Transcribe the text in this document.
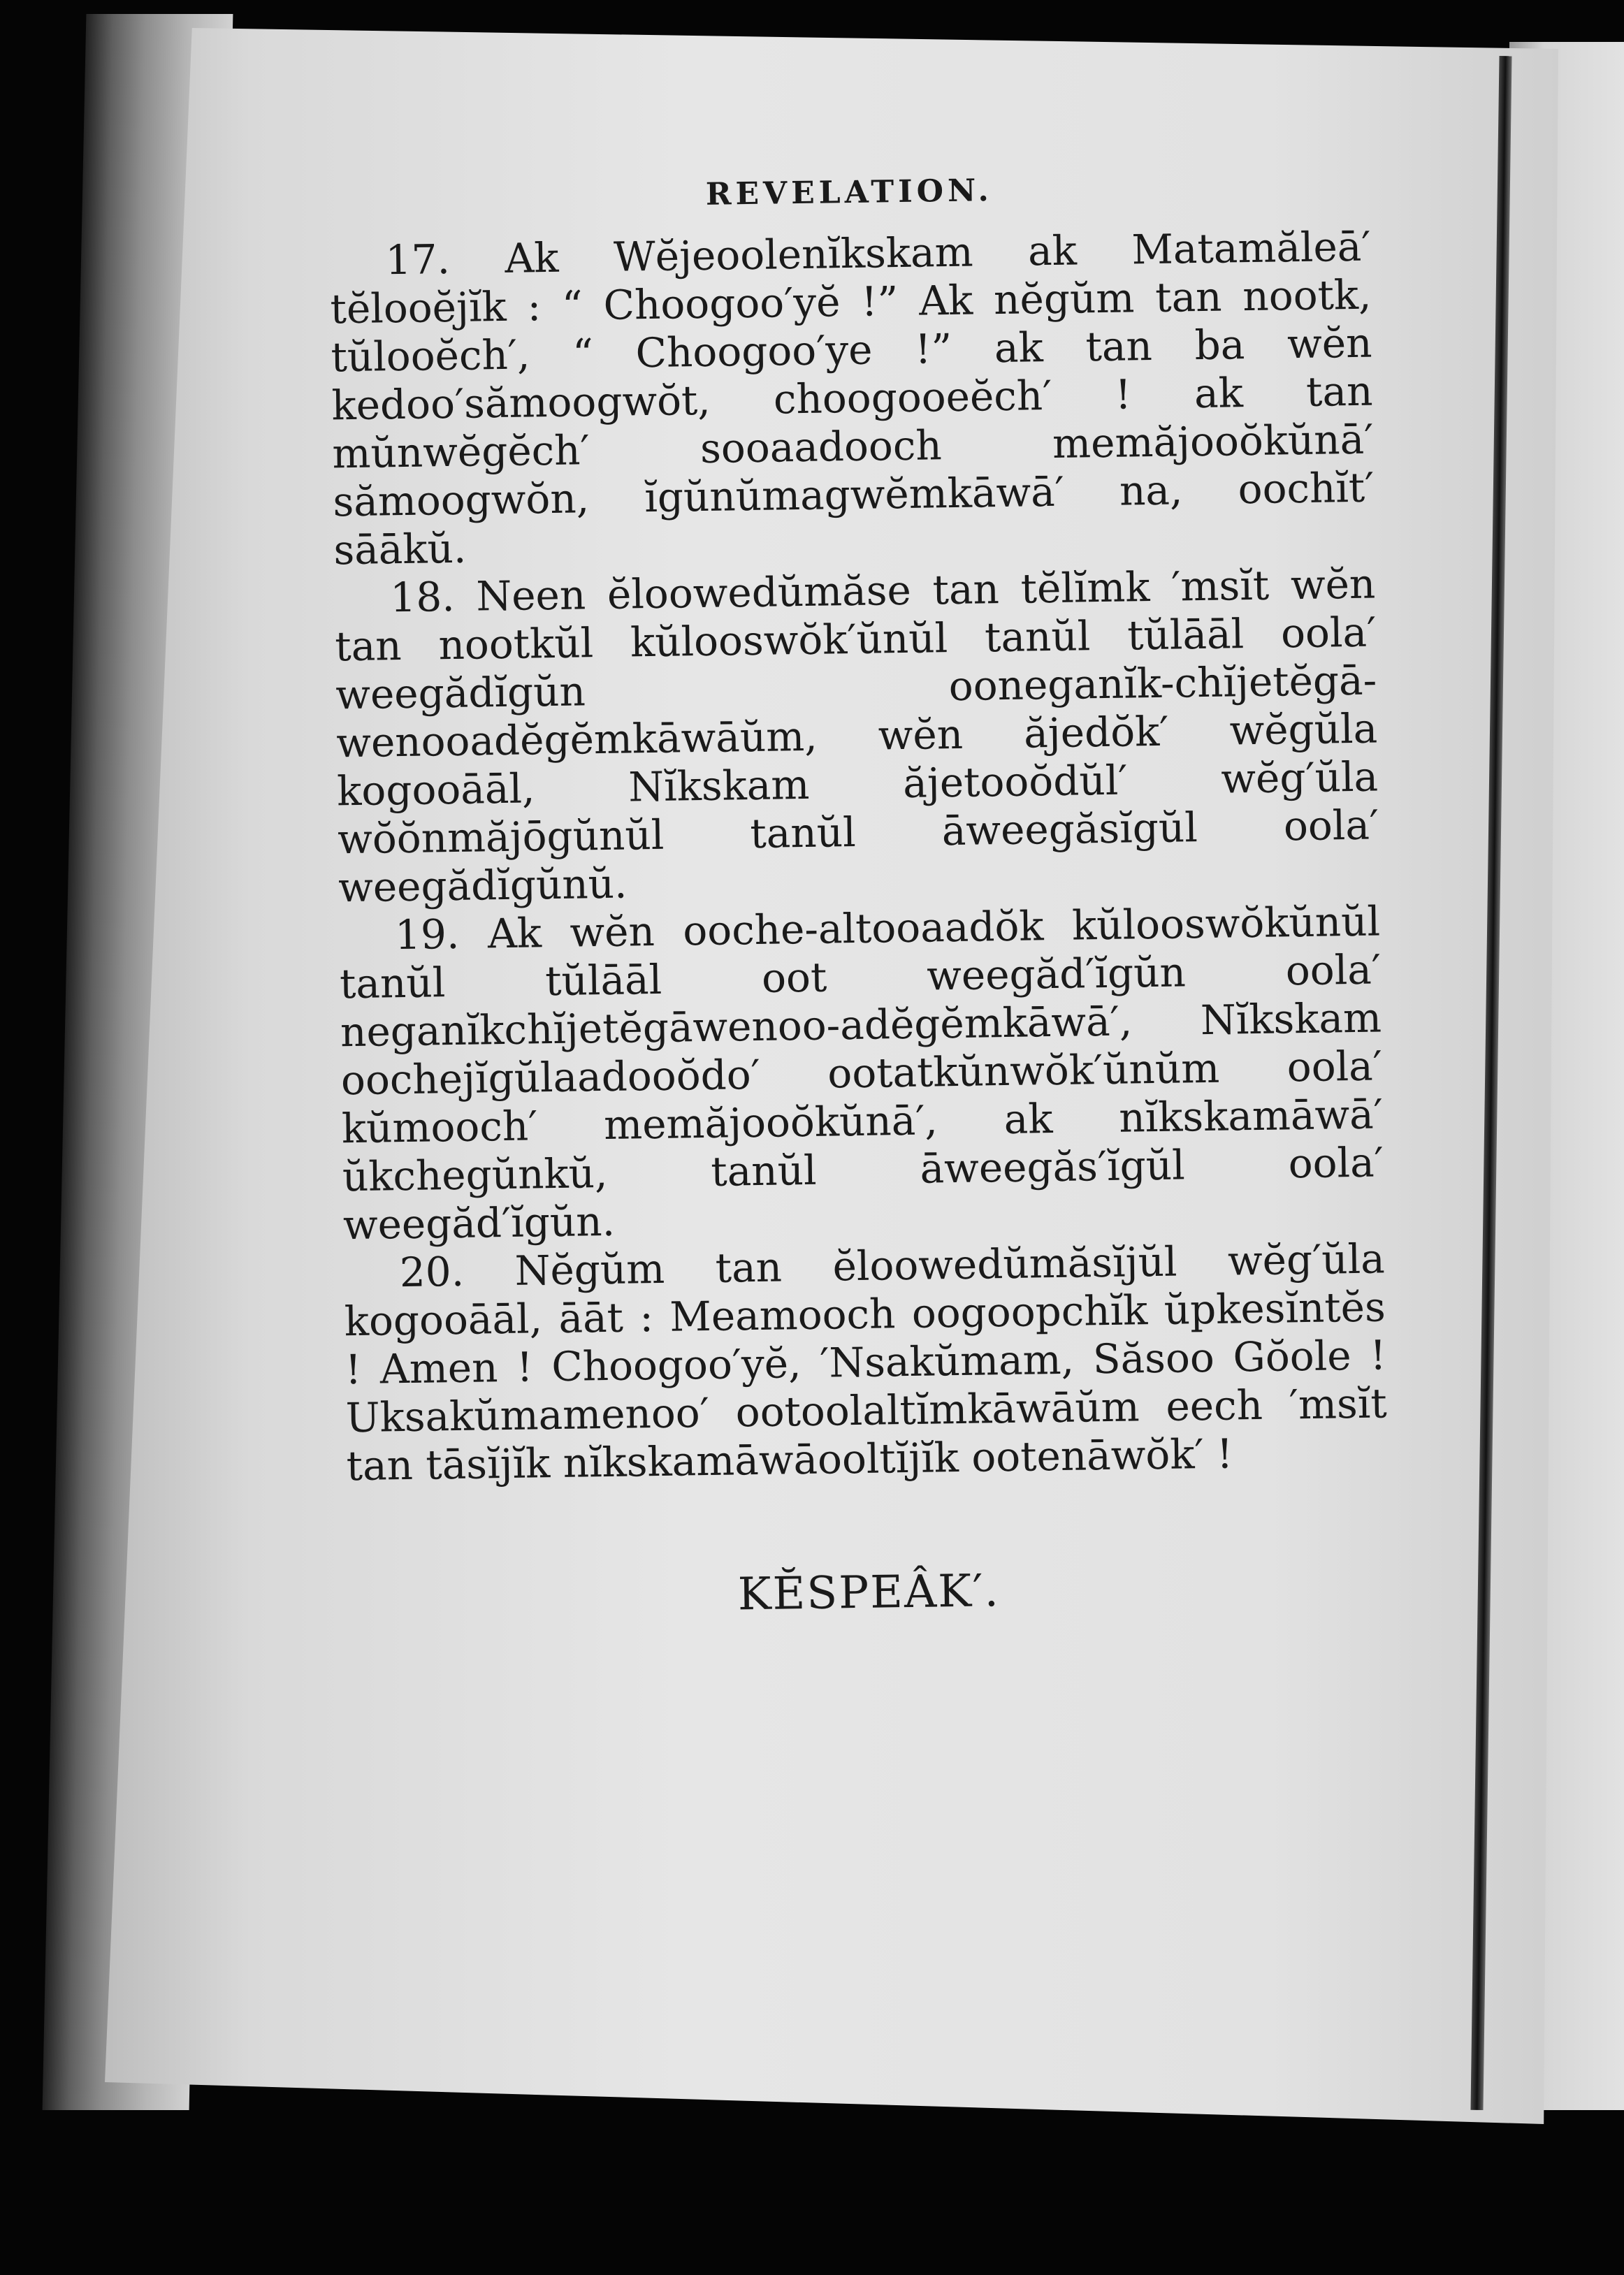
REVELATION.

17. Ak Wĕjeoolenĭkskam ak Matamăleā′ tĕlooĕjĭk : “ Choogoo′yĕ !” Ak nĕgŭm tan nootk, tŭlooĕch′, “ Choogoo′ye !” ak tan ba wĕn kedoo′sămoogwŏt, choogooeĕch′ ! ak tan mŭnwĕgĕch′ sooaadooch memăjooŏkŭnā′ sămoogwŏn, ĭgŭnŭmagwĕmkāwā′ na, oochĭt′ sāākŭ.

18. Neen ĕloowedŭmăse tan tĕlĭmk ′msĭt wĕn tan nootkŭl kŭlooswŏk′ŭnŭl tanŭl tŭlāāl oola′ weegădĭgŭn ooneganĭk-chĭjetĕgā-wenooadĕgĕmkāwāŭm, wĕn ăjedŏk′ wĕgŭla kogooāāl, Nĭkskam ăjetooŏdŭl′ wĕg′ŭla wŏŏnmăjōgŭnŭl tanŭl āweegăsĭgŭl oola′ weegădĭgŭnŭ.

19. Ak wĕn ooche-altooaadŏk kŭlooswŏkŭnŭl tanŭl tŭlāāl oot weegăd′ĭgŭn oola′ neganĭkchĭjetĕgāwenoo-adĕgĕmkāwā′, Nĭkskam oochejĭgŭlaadooŏdo′ ootatkŭnwŏk′ŭnŭm oola′ kŭmooch′ memăjooŏkŭnā′, ak nĭkskamāwā′ ŭkchegŭnkŭ, tanŭl āweegăs′ĭgŭl oola′ weegăd′ĭgŭn.

20. Nĕgŭm tan ĕloowedŭmăsĭjŭl wĕg′ŭla kogooāāl, āāt : Meamooch oogoopchĭk ŭpkesĭntĕs ! Amen ! Choogoo′yĕ, ′Nsakŭmam, Săsoo Gŏole ! Uksakŭmamenoo′ ootoolaltĭmkāwāŭm eech ′msĭt tan tāsĭjĭk nĭkskamāwāooltĭjĭk ootenāwŏk′ !

KĔSPEÂK′.
